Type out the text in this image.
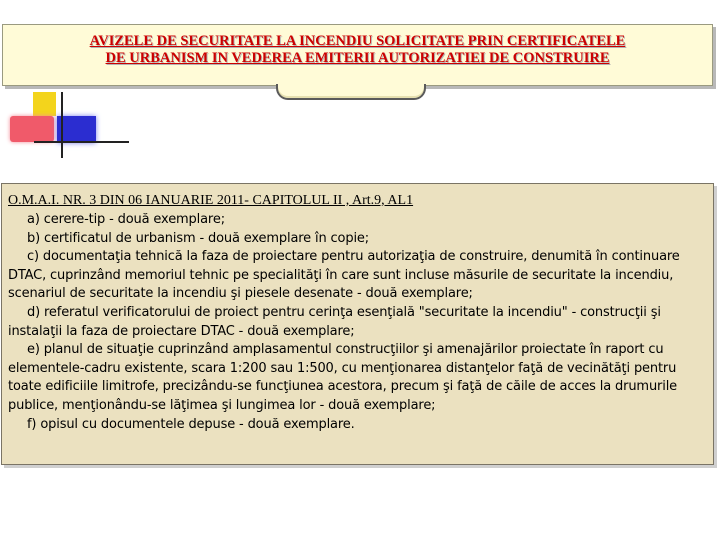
AVIZELE DE SECURITATE LA INCENDIU SOLICITATE PRIN CERTIFICATELE
DE URBANISM IN VEDEREA EMITERII AUTORIZATIEI DE CONSTRUIRE
O.M.A.I. NR. 3 DIN 06 IANUARIE 2011- CAPITOLUL II , Art.9, AL1

a) cerere-tip - două exemplare;

b) certificatul de urbanism - două exemplare în copie;

c) documentaţia tehnică la faza de proiectare pentru autorizaţia de construire, denumită în continuare DTAC, cuprinzând memoriul tehnic pe specialităţi în care sunt incluse măsurile de securitate la incendiu, scenariul de securitate la incendiu şi piesele desenate - două exemplare;

d) referatul verificatorului de proiect pentru cerinţa esenţială "securitate la incendiu" - construcţii şi instalaţii la faza de proiectare DTAC - două exemplare;

e) planul de situaţie cuprinzând amplasamentul construcţiilor şi amenajărilor proiectate în raport cu elementele-cadru existente, scara 1:200 sau 1:500, cu menţionarea distanţelor faţă de vecinătăţi pentru toate edificiile limitrofe, precizându-se funcţiunea acestora, precum şi faţă de căile de acces la drumurile publice, menţionându-se lăţimea şi lungimea lor - două exemplare;

f) opisul cu documentele depuse - două exemplare.
